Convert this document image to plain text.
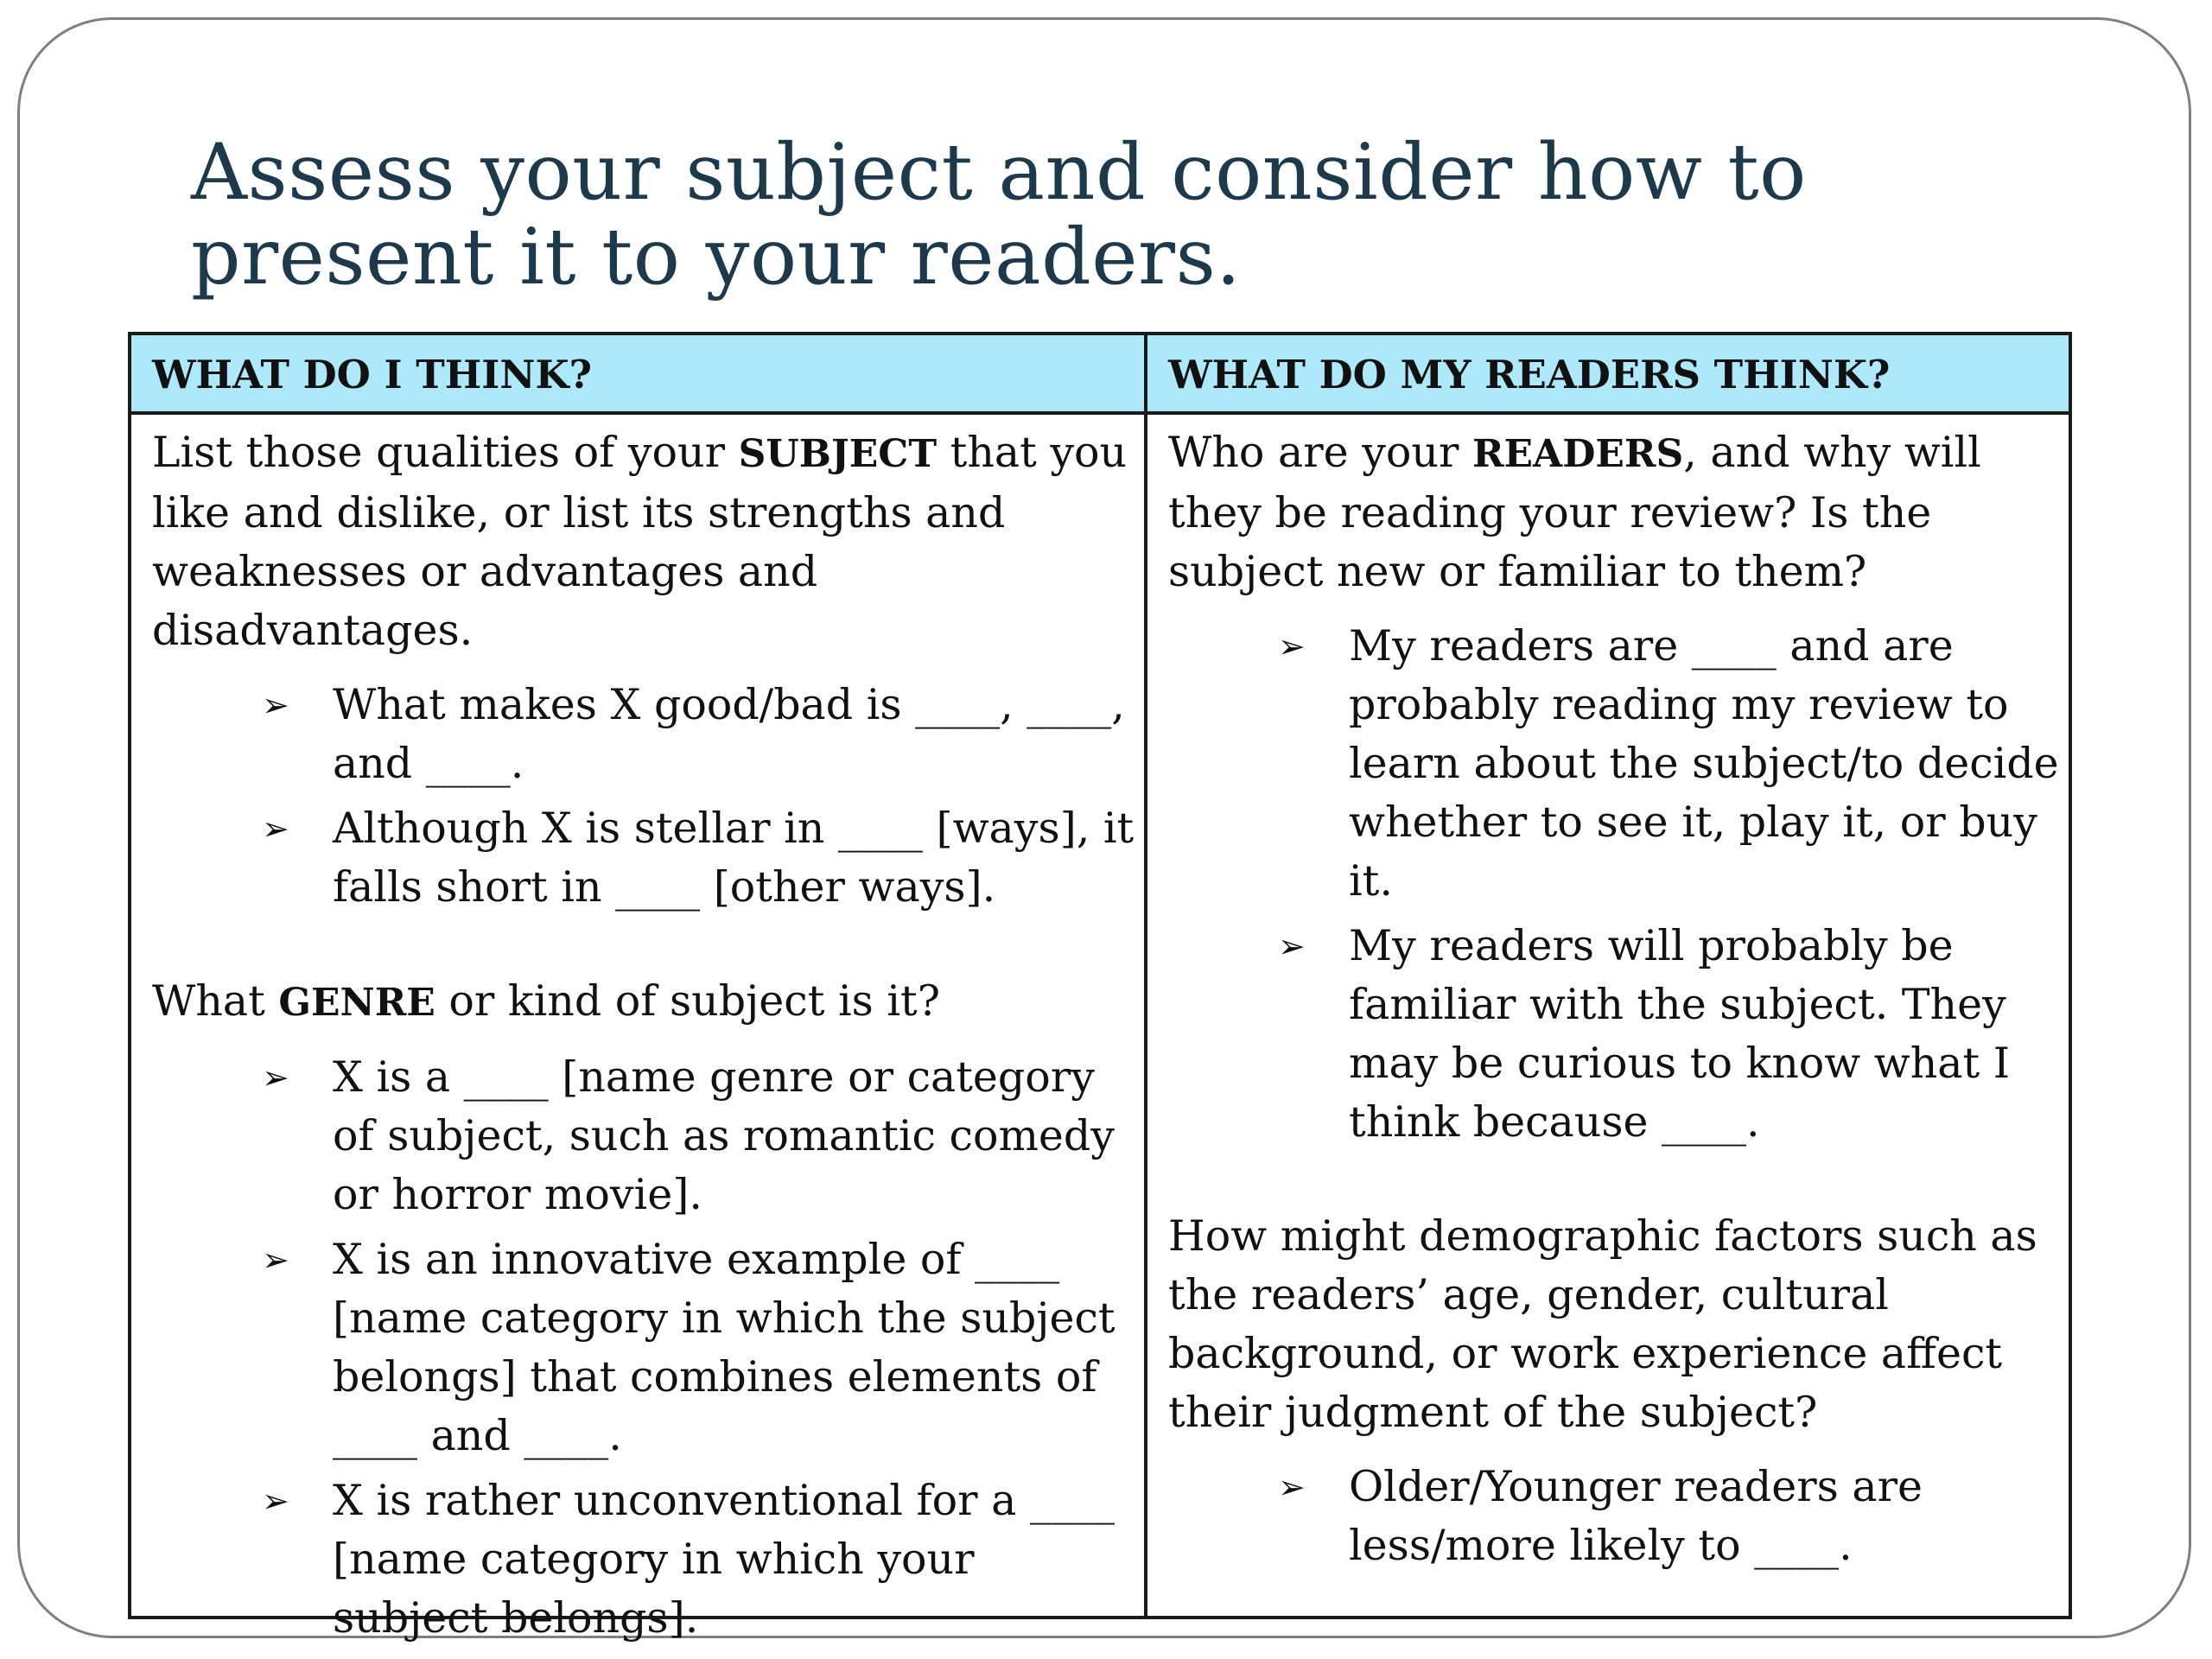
Assess your subject and consider how to present it to your readers.
WHAT DO I THINK?	WHAT DO MY READERS THINK?

List those qualities of your SUBJECT that you like and dislike, or list its strengths and weaknesses or advantages and disadvantages.

➢ What makes X good/bad is ____, ____, and ____.
➢ Although X is stellar in ____ [ways], it falls short in ____ [other ways].

What GENRE or kind of subject is it?

➢ X is a ____ [name genre or category of subject, such as romantic comedy or horror movie].
➢ X is an innovative example of ____ [name category in which the subject belongs] that combines elements of ____ and ____.
➢ X is rather unconventional for a ____ [name category in which your subject belongs].

Who are your READERS, and why will they be reading your review? Is the subject new or familiar to them?

➢ My readers are ____ and are probably reading my review to learn about the subject/to decide whether to see it, play it, or buy it.
➢ My readers will probably be familiar with the subject. They may be curious to know what I think because ____.

How might demographic factors such as the readers’ age, gender, cultural background, or work experience affect their judgment of the subject?

➢ Older/Younger readers are less/more likely to ____.
